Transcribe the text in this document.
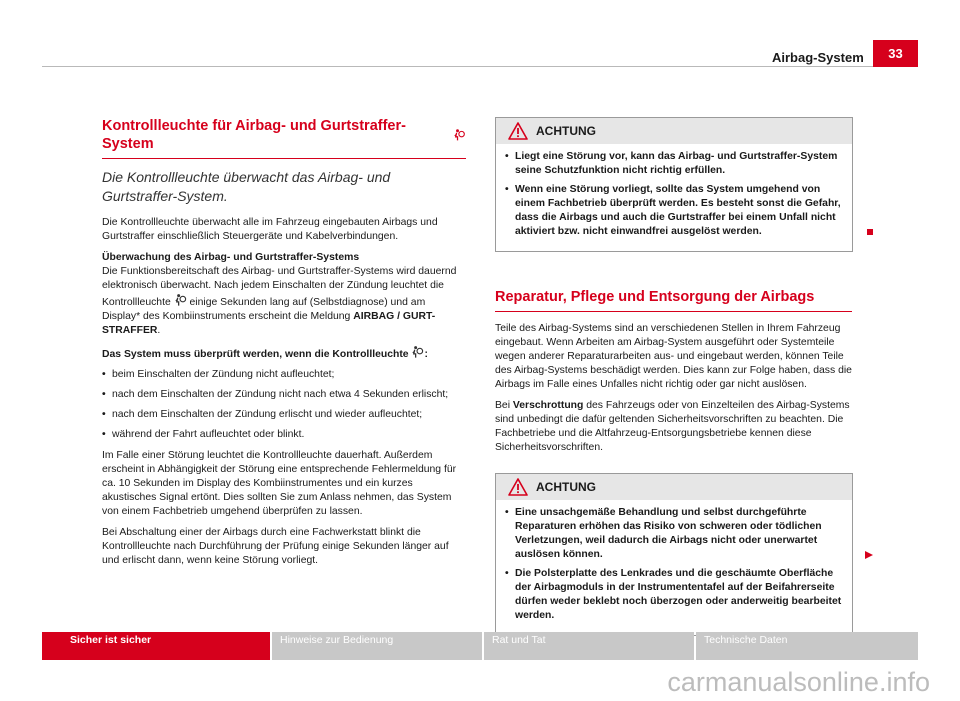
Airbag-System	33
Kontrollleuchte für Airbag- und Gurtstraffer-System
Die Kontrollleuchte überwacht das Airbag- und Gurtstraffer-System.

Die Kontrollleuchte überwacht alle im Fahrzeug eingebauten Airbags und Gurtstraffer einschließlich Steuergeräte und Kabelverbindungen.

Überwachung des Airbag- und Gurtstraffer-Systems

Die Funktionsbereitschaft des Airbag- und Gurtstraffer-Systems wird dauernd elektronisch überwacht. Nach jedem Einschalten der Zündung leuchtet die Kontrollleuchte einige Sekunden lang auf (Selbstdiagnose) und am Display* des Kombiinstruments erscheint die Meldung AIRBAG / GURT-STRAFFER.

Das System muss überprüft werden, wenn die Kontrollleuchte :

• beim Einschalten der Zündung nicht aufleuchtet;
• nach dem Einschalten der Zündung nicht nach etwa 4 Sekunden erlischt;
• nach dem Einschalten der Zündung erlischt und wieder aufleuchtet;
• während der Fahrt aufleuchtet oder blinkt.

Im Falle einer Störung leuchtet die Kontrollleuchte dauerhaft. Außerdem erscheint in Abhängigkeit der Störung eine entsprechende Fehlermeldung für ca. 10 Sekunden im Display des Kombiinstrumentes und ein kurzes akustisches Signal ertönt. Dies sollten Sie zum Anlass nehmen, das System von einem Fachbetrieb umgehend überprüfen zu lassen.

Bei Abschaltung einer der Airbags durch eine Fachwerkstatt blinkt die Kontrollleuchte nach Durchführung der Prüfung einige Sekunden länger auf und erlischt dann, wenn keine Störung vorliegt.

ACHTUNG
• Liegt eine Störung vor, kann das Airbag- und Gurtstraffer-System seine Schutzfunktion nicht richtig erfüllen.
• Wenn eine Störung vorliegt, sollte das System umgehend von einem Fachbetrieb überprüft werden. Es besteht sonst die Gefahr, dass die Airbags und auch die Gurtstraffer bei einem Unfall nicht aktiviert bzw. nicht einwandfrei ausgelöst werden.
Reparatur, Pflege und Entsorgung der Airbags

Teile des Airbag-Systems sind an verschiedenen Stellen in Ihrem Fahrzeug eingebaut. Wenn Arbeiten am Airbag-System ausgeführt oder Systemteile wegen anderer Reparaturarbeiten aus- und eingebaut werden, können Teile des Airbag-Systems beschädigt werden. Dies kann zur Folge haben, dass die Airbags im Falle eines Unfalles nicht richtig oder gar nicht auslösen.

Bei Verschrottung des Fahrzeugs oder von Einzelteilen des Airbag-Systems sind unbedingt die dafür geltenden Sicherheitsvorschriften zu beachten. Die Fachbetriebe und die Altfahrzeug-Entsorgungsbetriebe kennen diese Sicherheitsvorschriften.

ACHTUNG
• Eine unsachgemäße Behandlung und selbst durchgeführte Reparaturen erhöhen das Risiko von schweren oder tödlichen Verletzungen, weil dadurch die Airbags nicht oder unerwartet auslösen können.
• Die Polsterplatte des Lenkrades und die geschäumte Oberfläche der Airbagmoduls in der Instrumententafel auf der Beifahrerseite dürfen weder beklebt noch überzogen oder anderweitig bearbeitet werden.
Sicher ist sicher	Hinweise zur Bedienung	Rat und Tat	Technische Daten
carmanualsonline.info
